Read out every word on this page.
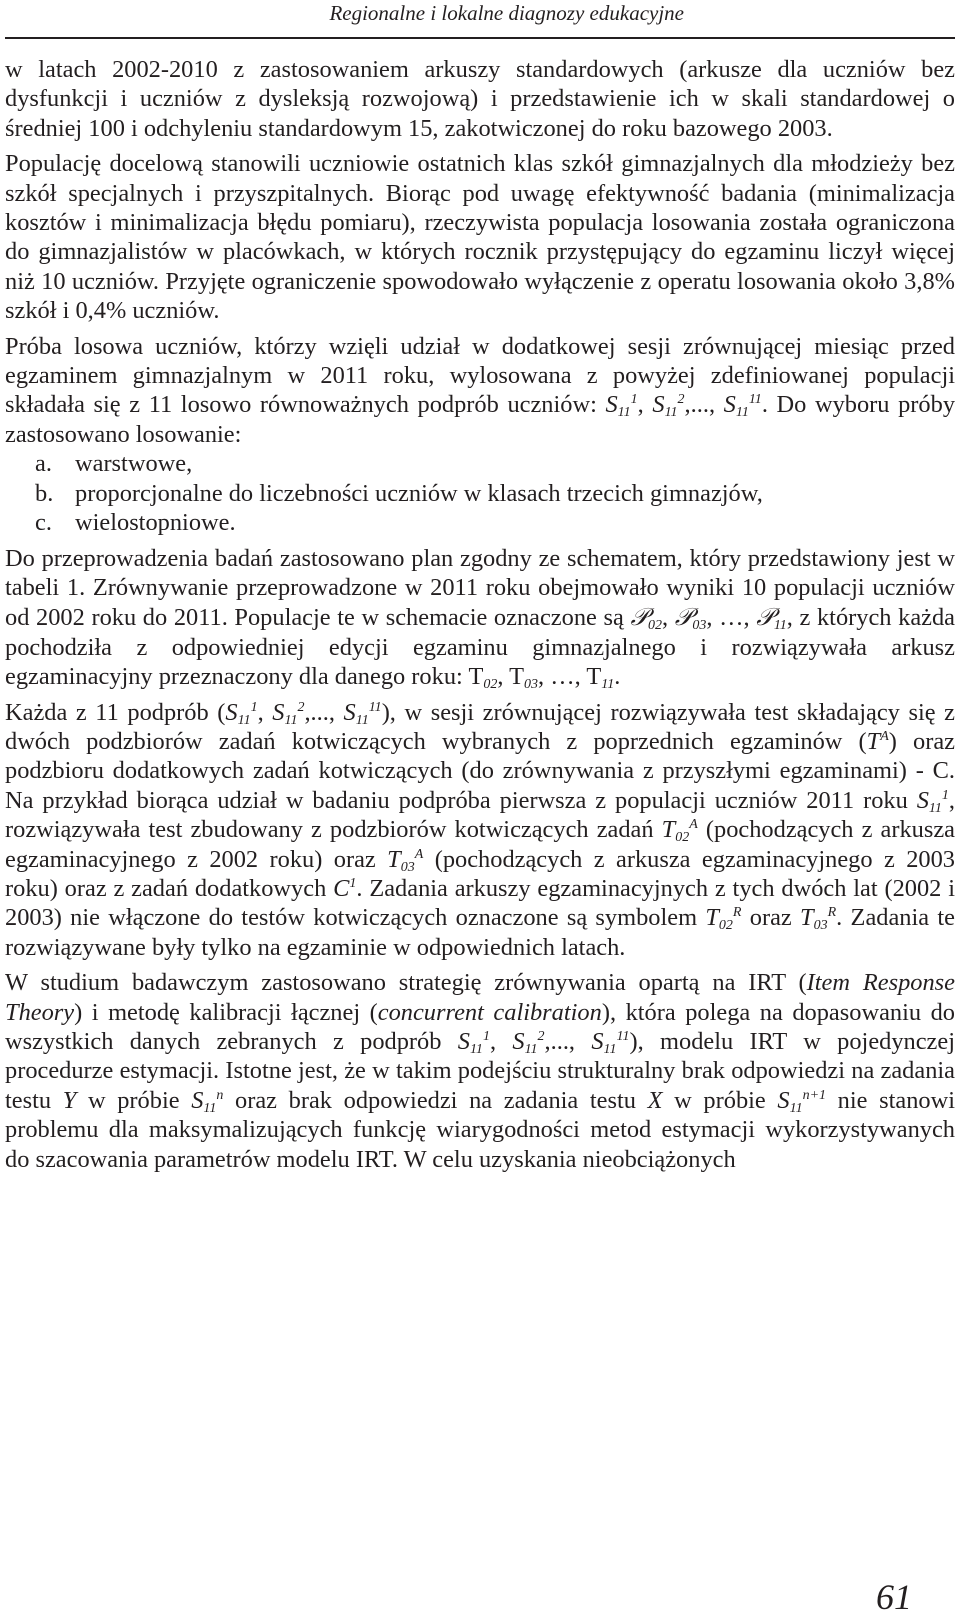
Regionalne i lokalne diagnozy edukacyjne

w latach 2002-2010 z zastosowaniem arkuszy standardowych (arkusze dla uczniów bez dysfunkcji i uczniów z dysleksją rozwojową) i przedstawienie ich w skali standardowej o średniej 100 i odchyleniu standardowym 15, zakotwiczonej do roku bazowego 2003.

Populację docelową stanowili uczniowie ostatnich klas szkół gimnazjalnych dla młodzieży bez szkół specjalnych i przyszpitalnych. Biorąc pod uwagę efektywność badania (minimalizacja kosztów i minimalizacja błędu pomiaru), rzeczywista populacja losowania została ograniczona do gimnazjalistów w placówkach, w których rocznik przystępujący do egzaminu liczył więcej niż 10 uczniów. Przyjęte ograniczenie spowodowało wyłączenie z operatu losowania około 3,8% szkół i 0,4% uczniów.

Próba losowa uczniów, którzy wzięli udział w dodatkowej sesji zrównującej miesiąc przed egzaminem gimnazjalnym w 2011 roku, wylosowana z powyżej zdefiniowanej populacji składała się z 11 losowo równoważnych podprób uczniów: $S_{11}^1$, $S_{11}^2$,..., $S_{11}^{11}$. Do wyboru próby zastosowano losowanie:

a. warstwowe,
b. proporcjonalne do liczebności uczniów w klasach trzecich gimnazjów,
c. wielostopniowe.

Do przeprowadzenia badań zastosowano plan zgodny ze schematem, który przedstawiony jest w tabeli 1. Zrównywanie przeprowadzone w 2011 roku obejmowało wyniki 10 populacji uczniów od 2002 roku do 2011. Populacje te w schemacie oznaczone są 𝒫$_{02}$, 𝒫$_{03}$, …, 𝒫$_{11}$, z których każda pochodziła z odpowiedniej edycji egzaminu gimnazjalnego i rozwiązywała arkusz egzaminacyjny przeznaczony dla danego roku: $T_{02}$, $T_{03}$, …, $T_{11}$.

Każda z 11 podprób ($S_{11}^1$, $S_{11}^2$,..., $S_{11}^{11}$), w sesji zrównującej rozwiązywała test składający się z dwóch podzbiorów zadań kotwiczących wybranych z poprzednich egzaminów $(T^A)$ oraz podzbioru dodatkowych zadań kotwiczących (do zrównywania z przyszłymi egzaminami) - C. Na przykład biorąca udział w badaniu podpróba pierwsza z populacji uczniów 2011 roku $S_{11}^1$, rozwiązywała test zbudowany z podzbiorów kotwiczących zadań $T_{02}^A$ (pochodzących z arkusza egzaminacyjnego z 2002 roku) oraz $T_{03}^A$ (pochodzących z arkusza egzaminacyjnego z 2003 roku) oraz z zadań dodatkowych $C^1$. Zadania arkuszy egzaminacyjnych z tych dwóch lat (2002 i 2003) nie włączone do testów kotwiczących oznaczone są symbolem $T_{02}^R$ oraz $T_{03}^R$. Zadania te rozwiązywane były tylko na egzaminie w odpowiednich latach.

W studium badawczym zastosowano strategię zrównywania opartą na IRT (Item Response Theory) i metodę kalibracji łącznej (concurrent calibration), która polega na dopasowaniu do wszystkich danych zebranych z podprób $S_{11}^1$, $S_{11}^2$,..., $S_{11}^{11}$), modelu IRT w pojedynczej procedurze estymacji. Istotne jest, że w takim podejściu strukturalny brak odpowiedzi na zadania testu Y w próbie $S_{11}^n$ oraz brak odpowiedzi na zadania testu X w próbie $S_{11}^{n+1}$ nie stanowi problemu dla maksymalizujących funkcję wiarygodności metod estymacji wykorzystywanych do szacowania parametrów modelu IRT. W celu uzyskania nieobciążonych

61
